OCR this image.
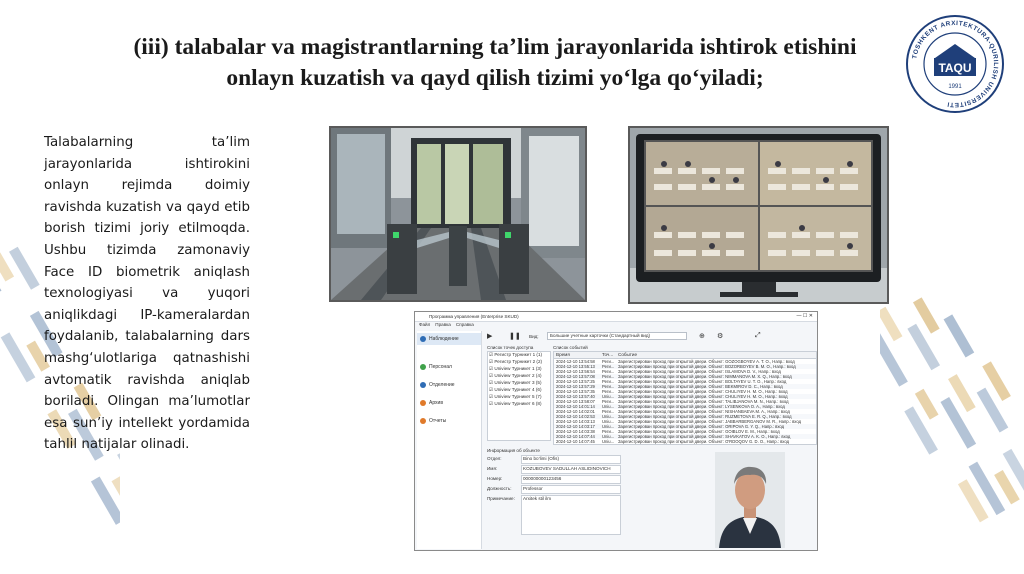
(iii) talabalar va magistrantlarning ta’lim jarayonlarida ishtirok etishini
onlayn kuzatish va qayd qilish tizimi yo‘lga qo‘yiladi;
TOSHKENT ARXITEKTURA-QURILISH UNIVERSITETI
TAQU
1991
Talabalarning ta’lim jarayonlarida ishtirokini onlayn rejimda doimiy ravishda kuzatish va qayd etib borish tizimi joriy etilmoqda. Ushbu tizimda zamonaviy Face ID biometrik aniqlash texnologiyasi va yuqori aniqlikdagi IP-kameralardan foydalanib, talabalarning dars mashg‘ulotlariga qatnashishi avtomatik ravishda aniqlab boriladi. Olingan ma’lumotlar esa sun’iy intellekt yordamida tahlil natijalar olinadi.
Программа управления (Enterprise SKUD)	— ☐ ✕
Файл Правка Справка
Наблюдение
Персонал
Отделение
Архив
Отчеты
▶ ❚❚ Вид:	Большие учетные карточки (Стандартный вид)	⊕ ⚙	⤢
Список точек доступа
☑ Регистр Турникет 1 (1)
☑ Регистр Турникет 2 (2)
☑ Uniview Турникет 1 (3)
☑ Uniview Турникет 2 (4)
☑ Uniview Турникет 3 (5)
☑ Uniview Турникет 4 (6)
☑ Uniview Турникет 5 (7)
☑ Uniview Турникет 6 (8)
Список событий
Время	Точ...	Событие
2024-12-10 13:54:58	Реги... Зарегистрирован проход при открытой двери. Объект: GOZOGBOYEV A. T. O., Напр.: вход
2024-12-10 13:55:13	Реги... Зарегистрирован проход при открытой двери. Объект: BOZORBOYEV B. M. O., Напр.: вход
2024-12-10 13:56:54	Реги... Зарегистрирован проход при открытой двери. Объект: ISLAMOVA D. V., Напр.: вход
2024-12-10 13:57:08	Реги... Зарегистрирован проход при открытой двери. Объект: NIMMANOVA M. X. Q., Напр.: вход
2024-12-10 13:57:25	Реги... Зарегистрирован проход при открытой двери. Объект: BOLTAYEV U. T. O., Напр.: вход
2024-12-10 13:57:29	Реги... Зарегистрирован проход при открытой двери. Объект: BEKMIROV D. C., Напр.: вход
2024-12-10 13:57:35	Реги... Зарегистрирован проход при открытой двери. Объект: CHULIYEV H. M. O., Напр.: вход
2024-12-10 13:57:40	Uniu... Зарегистрирован проход при открытой двери. Объект: CHULIYEV H. M. O., Напр.: вход
2024-12-10 13:58:07	Реги... Зарегистрирован проход при открытой двери. Объект: TALIBJANOVA M. N., Напр.: вход
2024-12-10 14:01:14	Uniu... Зарегистрирован проход при открытой двери. Объект: LYSENKOVA O. A., Напр.: вход
2024-12-10 14:02:01	Реги... Зарегистрирован проход при открытой двери. Объект: NISHANBAEVA M. A., Напр.: вход
2024-12-10 14:02:53	Uniu... Зарегистрирован проход при открытой двери. Объект: RUZMETOVA E. R. Q., Напр.: вход
2024-12-10 14:03:13	Uniu... Зарегистрирован проход при открытой двери. Объект: JABBARBERGANOV M. R., Напр.: вход
2024-12-10 14:03:17	Uniu... Зарегистрирован проход при открытой двери. Объект: ORIPOVA G. Y. Q., Напр.: вход
2024-12-10 14:03:38	Реги... Зарегистрирован проход при открытой двери. Объект: GOIBLOV E. M., Напр.: вход
2024-12-10 14:07:44	Uniu... Зарегистрирован проход при открытой двери. Объект: SHAVKATOV A. K. O., Напр.: вход
2024-12-10 14:07:45	Uniu... Зарегистрирован проход при открытой двери. Объект: O'RDOQOV G. D. O., Напр.: вход
Информация об объекте
Отдел:	Bino bo‘limi (Ofis)
Имя:	KOZUBOVEV SADULLAH ASLIDINOVICH
Номер:	000000000123456
Должность:	Professor
Примечание:	Arxitek stil ilm
